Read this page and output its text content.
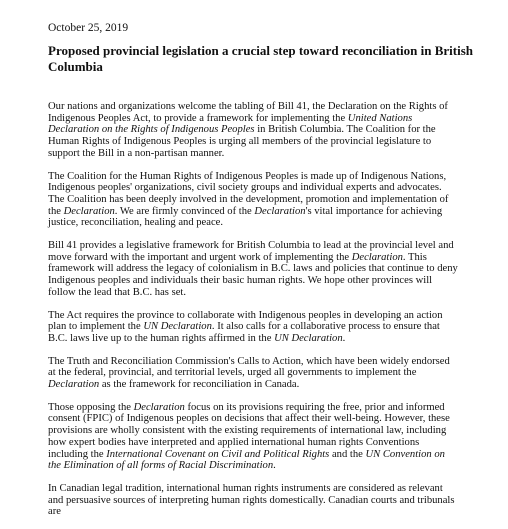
October 25, 2019
Proposed provincial legislation a crucial step toward reconciliation in British Columbia

Our nations and organizations welcome the tabling of Bill 41, the Declaration on the Rights of Indigenous Peoples Act, to provide a framework for implementing the United Nations Declaration on the Rights of Indigenous Peoples in British Columbia. The Coalition for the Human Rights of Indigenous Peoples is urging all members of the provincial legislature to support the Bill in a non-partisan manner.

The Coalition for the Human Rights of Indigenous Peoples is made up of Indigenous Nations, Indigenous peoples' organizations, civil society groups and individual experts and advocates. The Coalition has been deeply involved in the development, promotion and implementation of the Declaration. We are firmly convinced of the Declaration's vital importance for achieving justice, reconciliation, healing and peace.

Bill 41 provides a legislative framework for British Columbia to lead at the provincial level and move forward with the important and urgent work of implementing the Declaration. This framework will address the legacy of colonialism in B.C. laws and policies that continue to deny Indigenous peoples and individuals their basic human rights. We hope other provinces will follow the lead that B.C. has set.

The Act requires the province to collaborate with Indigenous peoples in developing an action plan to implement the UN Declaration. It also calls for a collaborative process to ensure that B.C. laws live up to the human rights affirmed in the UN Declaration.

The Truth and Reconciliation Commission's Calls to Action, which have been widely endorsed at the federal, provincial, and territorial levels, urged all governments to implement the Declaration as the framework for reconciliation in Canada.

Those opposing the Declaration focus on its provisions requiring the free, prior and informed consent (FPIC) of Indigenous peoples on decisions that affect their well-being. However, these provisions are wholly consistent with the existing requirements of international law, including how expert bodies have interpreted and applied international human rights Conventions including the International Covenant on Civil and Political Rights and the UN Convention on the Elimination of all forms of Racial Discrimination.

In Canadian legal tradition, international human rights instruments are considered as relevant and persuasive sources of interpreting human rights domestically. Canadian courts and tribunals are
